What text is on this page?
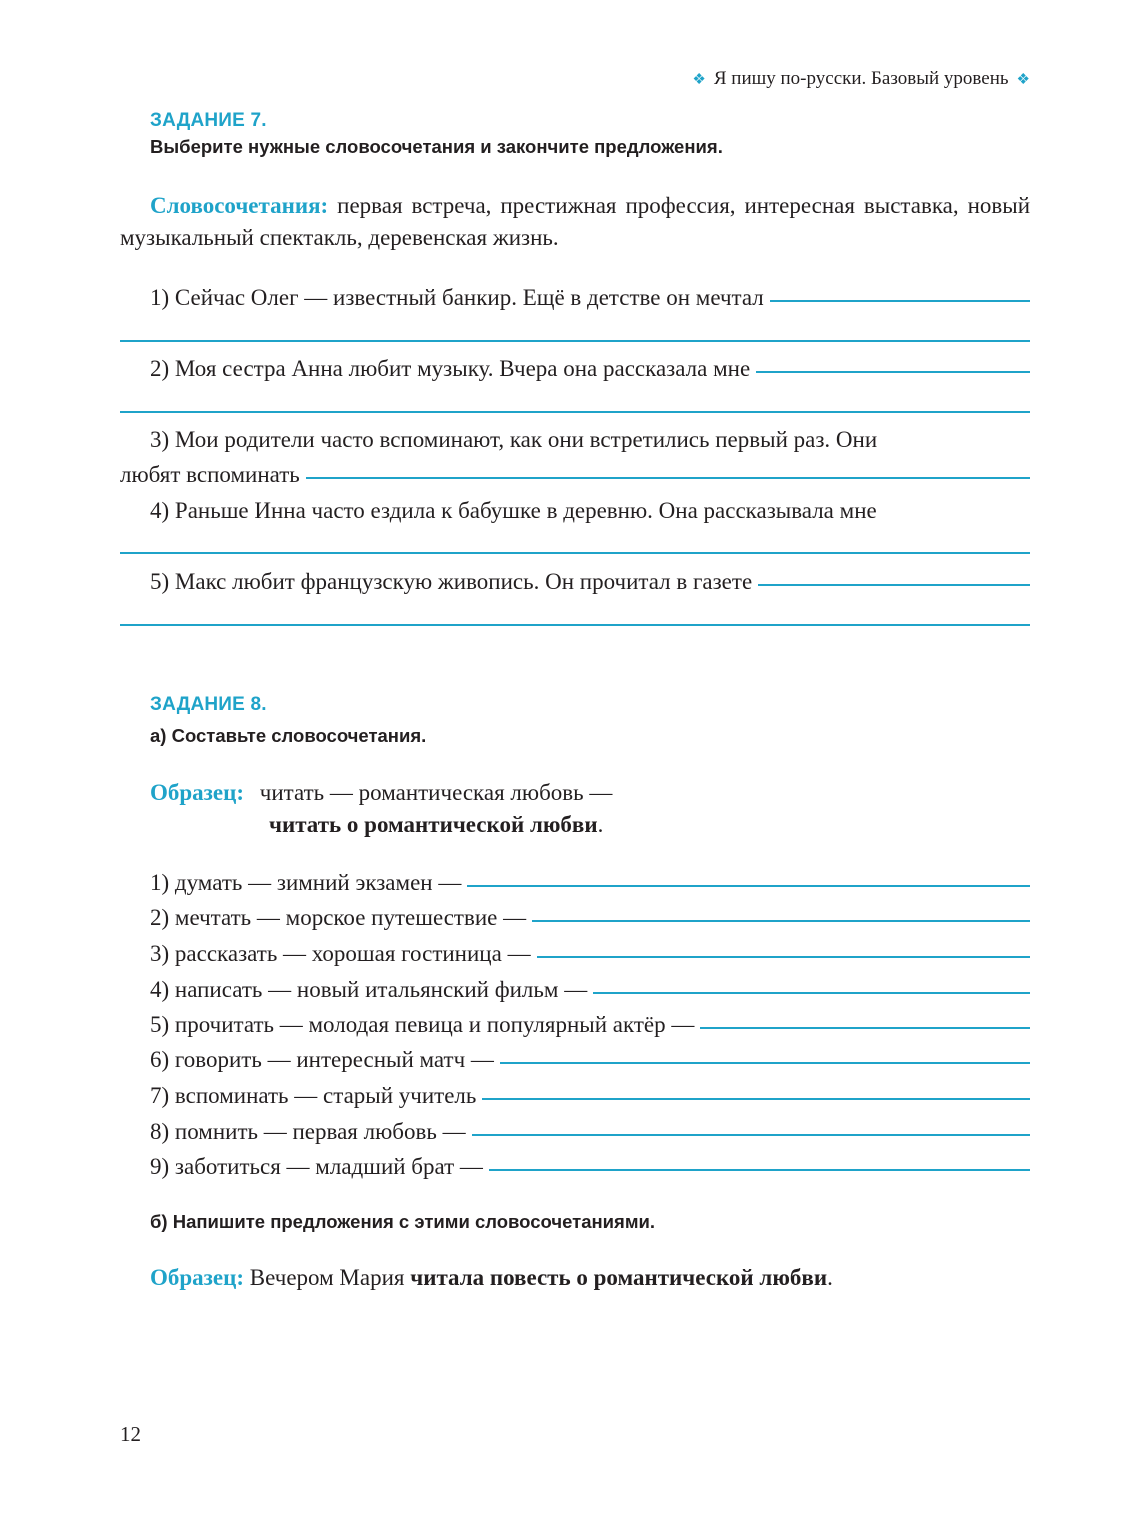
❖ Я пишу по-русски. Базовый уровень ❖
ЗАДАНИЕ 7.
Выберите нужные словосочетания и закончите предложения.
Словосочетания: первая встреча, престижная профессия, интересная выставка, новый музыкальный спектакль, деревенская жизнь.
1) Сейчас Олег — известный банкир. Ещё в детстве он мечтал
2) Моя сестра Анна любит музыку. Вчера она рассказала мне
3) Мои родители часто вспоминают, как они встретились первый раз. Они
любят вспоминать
4) Раньше Инна часто ездила к бабушке в деревню. Она рассказывала мне
5) Макс любит французскую живопись. Он прочитал в газете
ЗАДАНИЕ 8.
а) Составьте словосочетания.
Образец: читать — романтическая любовь —
читать о романтической любви.
1) думать — зимний экзамен —
2) мечтать — морское путешествие —
3) рассказать — хорошая гостиница —
4) написать — новый итальянский фильм —
5) прочитать — молодая певица и популярный актёр —
6) говорить — интересный матч —
7) вспоминать — старый учитель
8) помнить — первая любовь —
9) заботиться — младший брат —
б) Напишите предложения с этими словосочетаниями.
Образец: Вечером Мария читала повесть о романтической любви.
12
